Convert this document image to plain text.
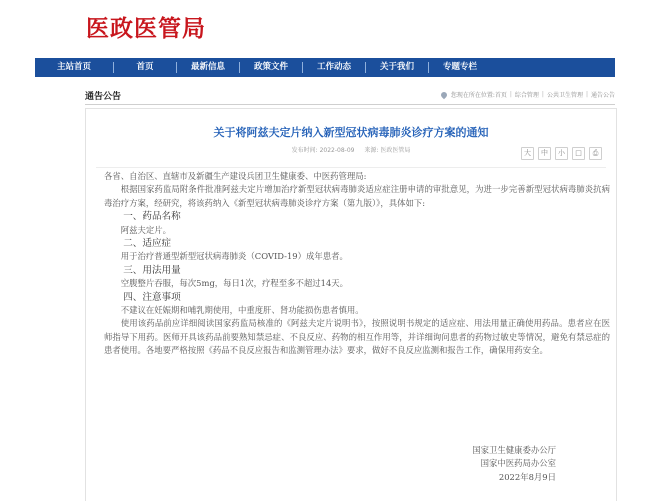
医政医管局
主站首页	首页	最新信息	政策文件	工作动态	关于我们	专题专栏
通告公告	您现在所在位置: 首页 | 综合管理 | 公共卫生管理 | 通告公告
关于将阿兹夫定片纳入新型冠状病毒肺炎诊疗方案的通知
发布时间: 2022-08-09 来源: 医政医管局	大	中	小	□	⎙

各省、自治区、直辖市及新疆生产建设兵团卫生健康委、中医药管理局:

根据国家药监局附条件批准阿兹夫定片增加治疗新型冠状病毒肺炎适应症注册申请的审批意见，为进一步完善新型冠状病毒肺炎抗病毒治疗方案，经研究，将该药纳入《新型冠状病毒肺炎诊疗方案（第九版）》，具体如下:

一、药品名称

阿兹夫定片。

二、适应症

用于治疗普通型新型冠状病毒肺炎（COVID-19）成年患者。

三、用法用量

空腹整片吞服，每次5mg，每日1次，疗程至多不超过14天。

四、注意事项

不建议在妊娠期和哺乳期使用，中重度肝、肾功能损伤患者慎用。

使用该药品前应详细阅读国家药监局核准的《阿兹夫定片说明书》，按照说明书规定的适应症、用法用量正确使用药品。患者应在医师指导下用药。医师开具该药品前要熟知禁忌症、不良反应、药物的相互作用等，并详细询问患者的药物过敏史等情况，避免有禁忌症的患者使用。各地要严格按照《药品不良反应报告和监测管理办法》要求，做好不良反应监测和报告工作，确保用药安全。

国家卫生健康委办公厅

国家中医药局办公室

2022年8月9日
